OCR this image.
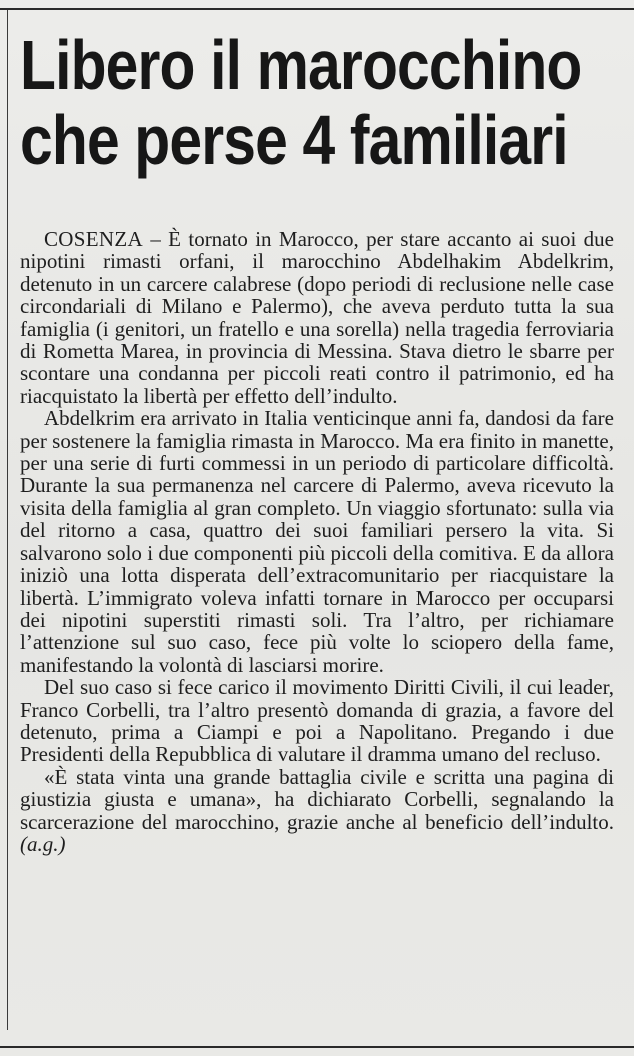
Libero il marocchino
che perse 4 familiari

COSENZA – È tornato in Marocco, per stare accanto ai suoi due nipotini rimasti orfani, il marocchino Abdelhakim Abdelkrim, detenuto in un carcere calabrese (dopo periodi di reclusione nelle case circondariali di Milano e Palermo), che aveva perduto tutta la sua famiglia (i genitori, un fratello e una sorella) nella tragedia ferroviaria di Rometta Marea, in provincia di Messina. Stava dietro le sbarre per scontare una condanna per piccoli reati contro il patrimonio, ed ha riacquistato la libertà per effetto dell’indulto.

Abdelkrim era arrivato in Italia venticinque anni fa, dandosi da fare per sostenere la famiglia rimasta in Marocco. Ma era finito in manette, per una serie di furti commessi in un periodo di particolare difficoltà. Durante la sua permanenza nel carcere di Palermo, aveva ricevuto la visita della famiglia al gran completo. Un viaggio sfortunato: sulla via del ritorno a casa, quattro dei suoi familiari persero la vita. Si salvarono solo i due componenti più piccoli della comitiva. E da allora iniziò una lotta disperata dell’extracomunitario per riacquistare la libertà. L’immigrato voleva infatti tornare in Marocco per occuparsi dei nipotini superstiti rimasti soli. Tra l’altro, per richiamare l’attenzione sul suo caso, fece più volte lo sciopero della fame, manifestando la volontà di lasciarsi morire.

Del suo caso si fece carico il movimento Diritti Civili, il cui leader, Franco Corbelli, tra l’altro presentò domanda di grazia, a favore del detenuto, prima a Ciampi e poi a Napolitano. Pregando i due Presidenti della Repubblica di valutare il dramma umano del recluso.

«È stata vinta una grande battaglia civile e scritta una pagina di giustizia giusta e umana», ha dichiarato Corbelli, segnalando la scarcerazione del marocchino, grazie anche al beneficio dell’indulto. (a.g.)
